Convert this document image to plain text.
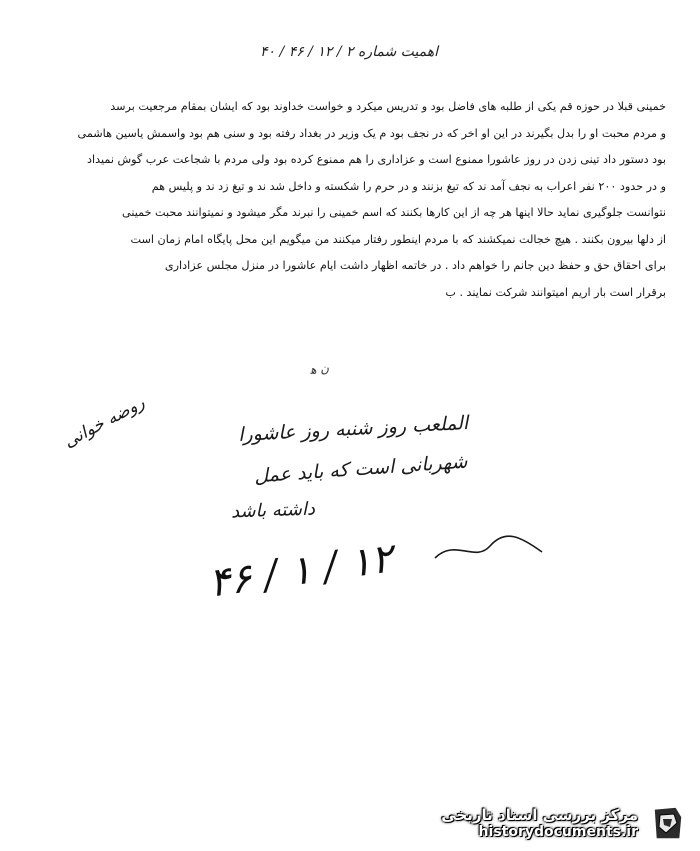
اهمیت شماره ۲ / ۱۲ / ۴۶ / ۴۰
خمینی قبلا در حوزه قم یکی از طلبه های فاضل بود و تدریس میکرد و خواست خداوند بود که ایشان بمقام مرجعیت برسد
و مردم محبت او را بدل بگیرند در این او اخر که در نجف بود م یک وزیر در بغداد رفته بود و سنی هم بود واسمش یاسین هاشمی
بود دستور داد تینی زدن در روز عاشورا ممنوع است و عزاداری را هم ممنوع کرده بود ولی مردم با شجاعت عرب گوش نمیداد
و در حدود ۲۰۰ نفر اعراب به نجف آمد ند که تیغ بزنند و در حرم را شکسته و داخل شد ند و تیغ زد ند و پلیس هم
نتوانست جلوگیری نماید حالا اینها هر چه از این کارها بکنند که اسم خمینی را نبرند مگر میشود و نمیتوانند محبت خمینی
از دلها بیرون بکنند . هیچ خجالت نمیکشند که با مردم اینطور رفتار میکنند من میگویم این محل پایگاه امام زمان است
برای احقاق حق و حفظ دین جانم را خواهم داد . در خاتمه اظهار داشت ایام عاشورا در منزل مجلس عزاداری
برقرار است بار اریم امیتوانند شرکت نمایند . ب
ن ه‍
الملعب روز شنبه روز عاشورا
شهربانی است که بايد عمل
داشته باشد
روضه خوانی
۴۶ / ۱ / ۱۲
مرکز بررسی اسناد تاریخی
historydocuments.ir
